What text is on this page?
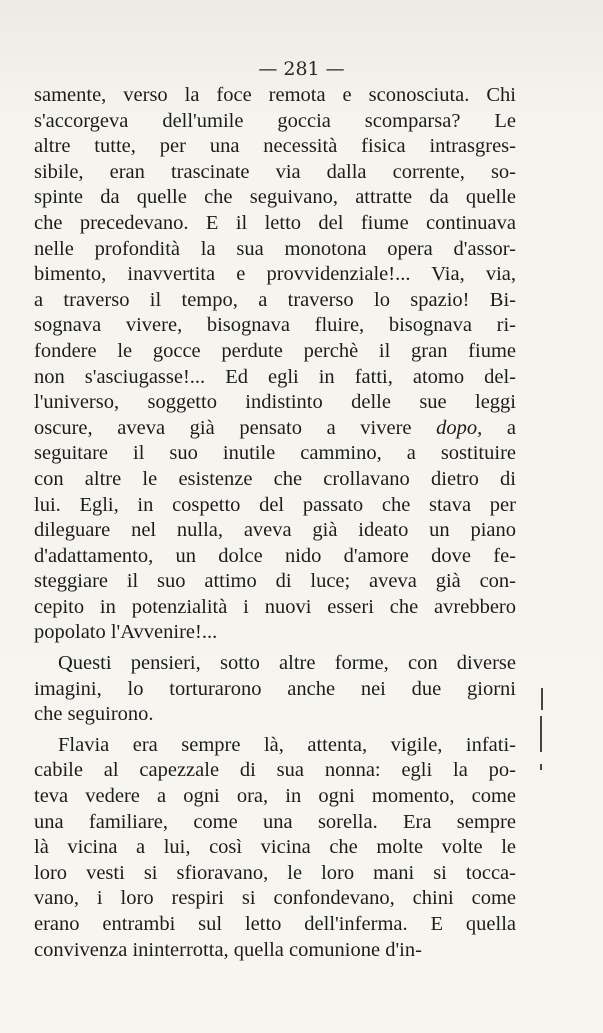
— 281 —
samente, verso la foce remota e sconosciuta. Chi
s'accorgeva dell'umile goccia scomparsa? Le
altre tutte, per una necessità fisica intrasgres-
sibile, eran trascinate via dalla corrente, so-
spinte da quelle che seguivano, attratte da quelle
che precedevano. E il letto del fiume continuava
nelle profondità la sua monotona opera d'assor-
bimento, inavvertita e provvidenziale!... Via, via,
a traverso il tempo, a traverso lo spazio! Bi-
sognava vivere, bisognava fluire, bisognava ri-
fondere le gocce perdute perchè il gran fiume
non s'asciugasse!... Ed egli in fatti, atomo del-
l'universo, soggetto indistinto delle sue leggi
oscure, aveva già pensato a vivere dopo, a
seguitare il suo inutile cammino, a sostituire
con altre le esistenze che crollavano dietro di
lui. Egli, in cospetto del passato che stava per
dileguare nel nulla, aveva già ideato un piano
d'adattamento, un dolce nido d'amore dove fe-
steggiare il suo attimo di luce; aveva già con-
cepito in potenzialità i nuovi esseri che avrebbero
popolato l'Avvenire!...
Questi pensieri, sotto altre forme, con diverse
imagini, lo torturarono anche nei due giorni
che seguirono.
Flavia era sempre là, attenta, vigile, infati-
cabile al capezzale di sua nonna: egli la po-
teva vedere a ogni ora, in ogni momento, come
una familiare, come una sorella. Era sempre
là vicina a lui, così vicina che molte volte le
loro vesti si sfioravano, le loro mani si tocca-
vano, i loro respiri si confondevano, chini come
erano entrambi sul letto dell'inferma. E quella
convivenza ininterrotta, quella comunione d'in-
